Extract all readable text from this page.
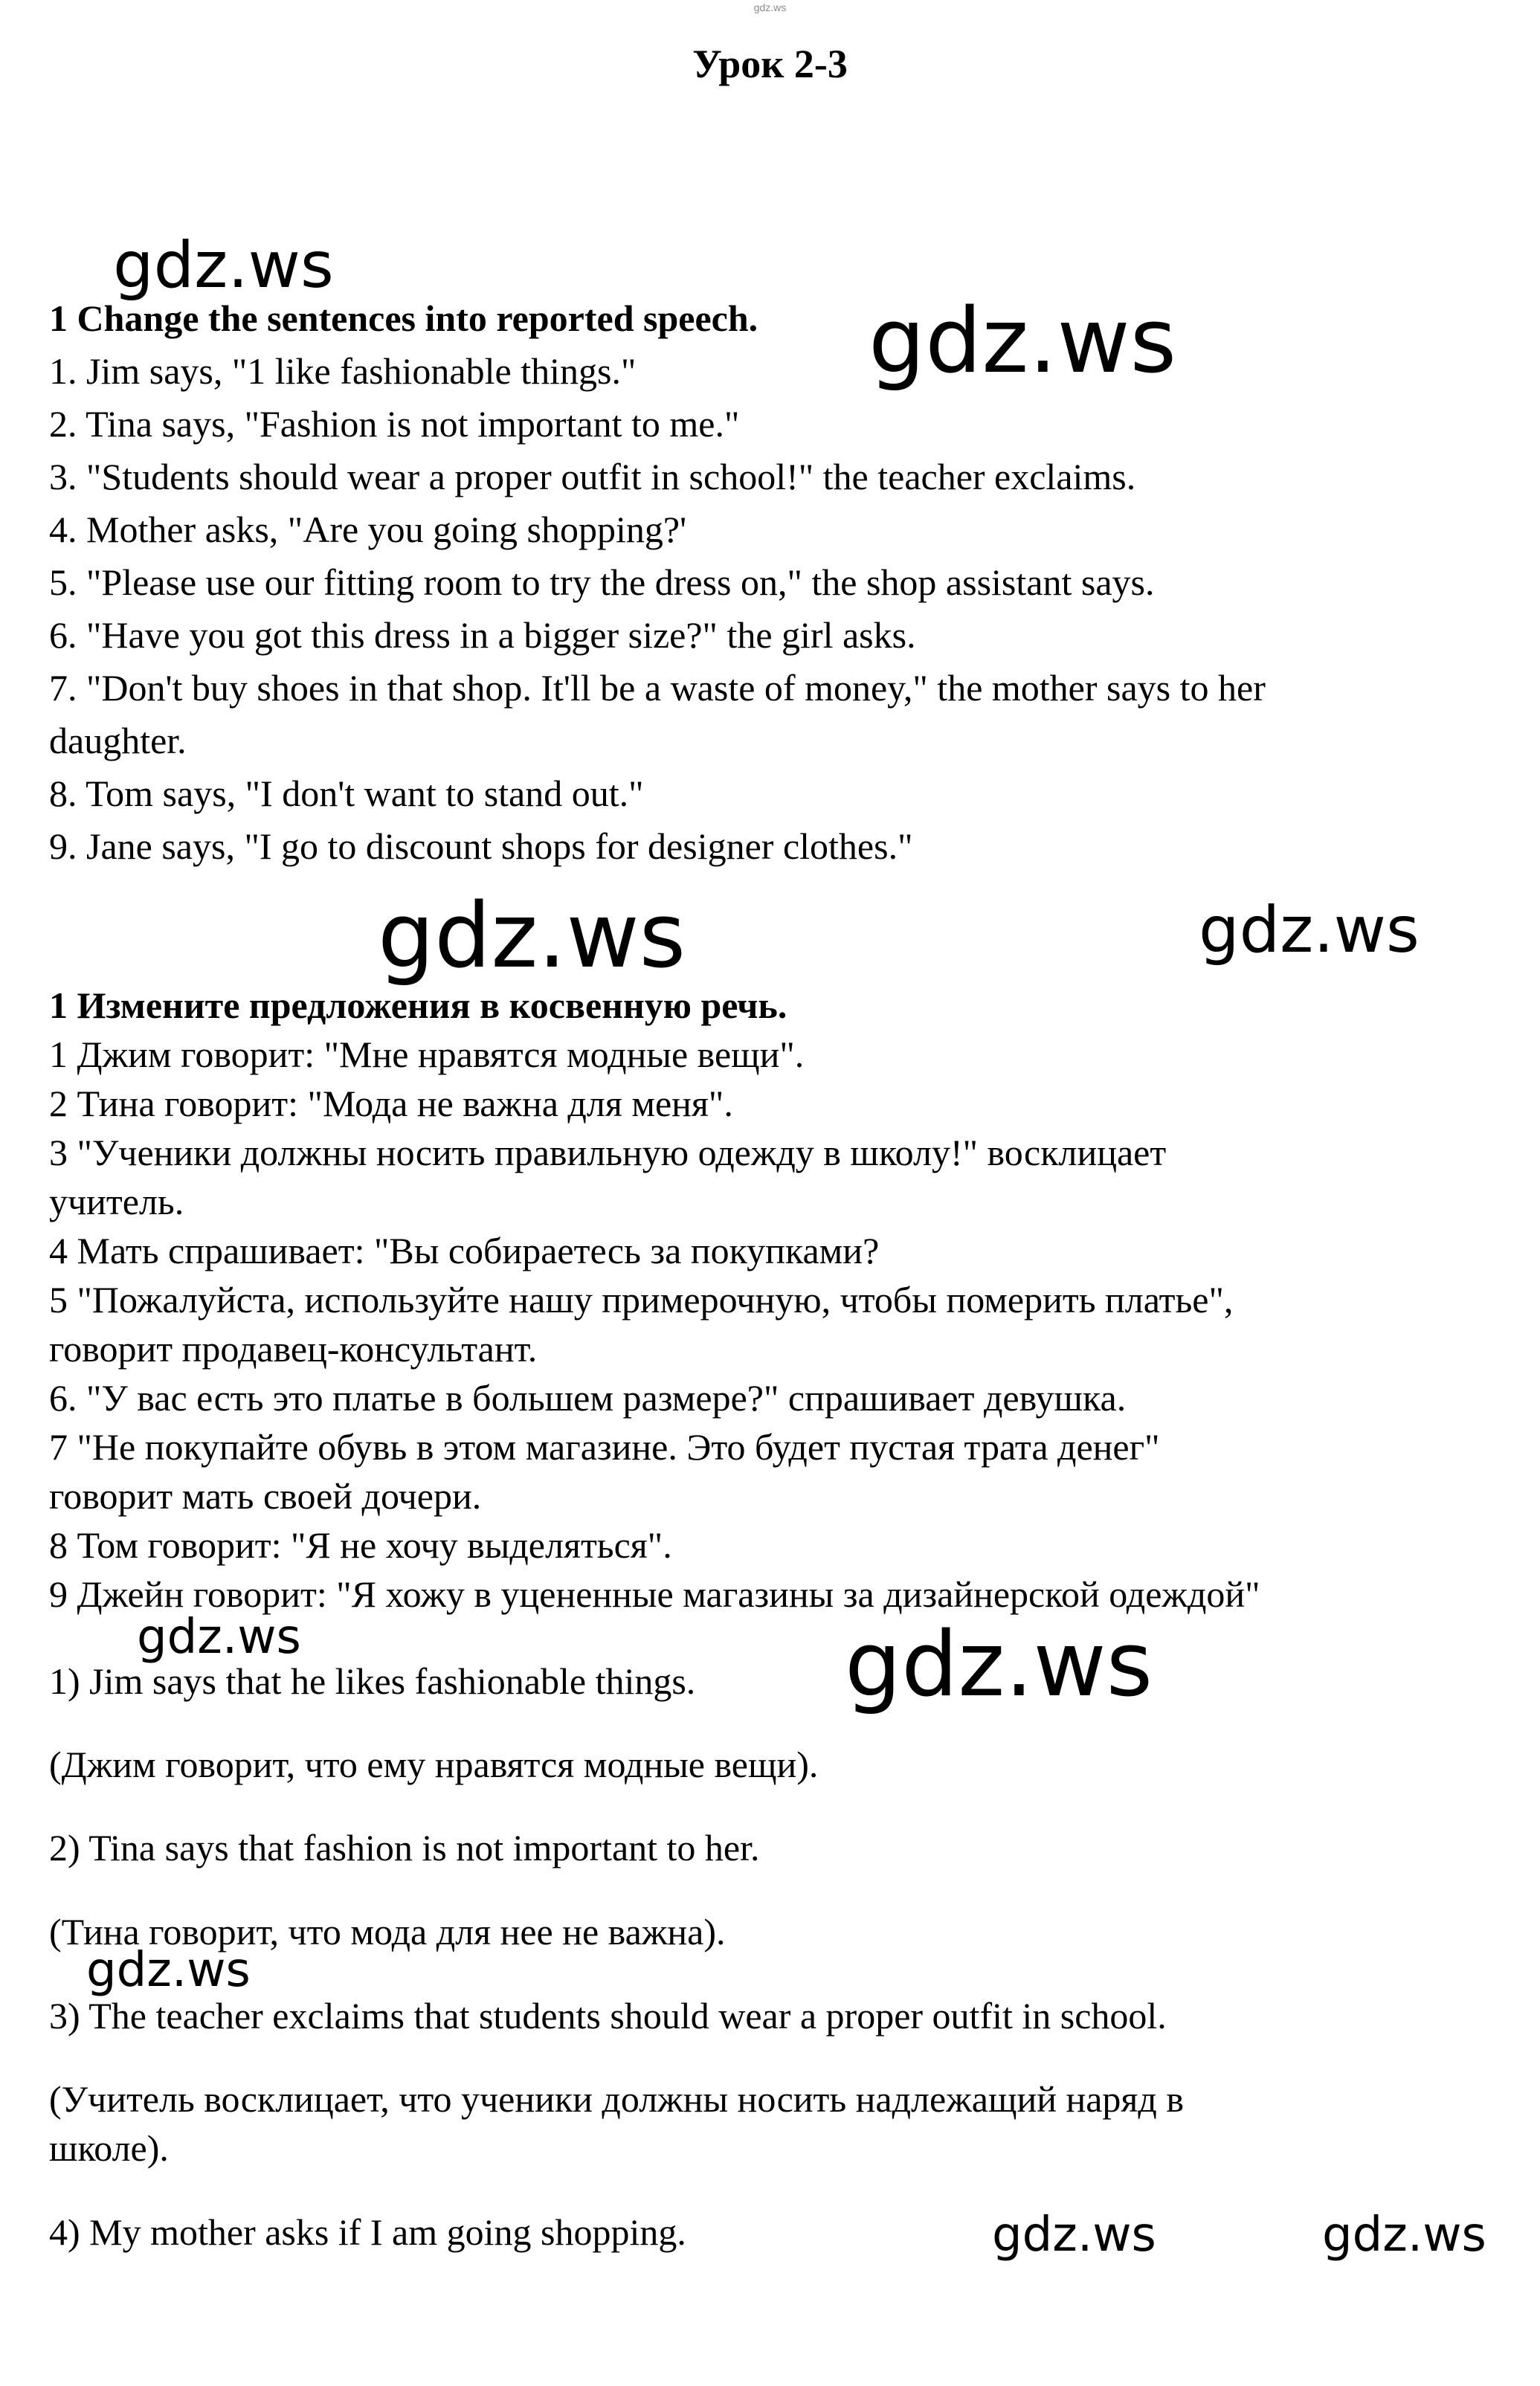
gdz.ws
Урок 2-3
1 Change the sentences into reported speech.
1. Jim says, "1 like fashionable things."
2. Tina says, "Fashion is not important to me."
3. "Students should wear a proper outfit in school!" the teacher exclaims.
4. Mother asks, "Are you going shopping?'
5. "Please use our fitting room to try the dress on," the shop assistant says.
6. "Have you got this dress in a bigger size?" the girl asks.
7. "Don't buy shoes in that shop. It'll be a waste of money," the mother says to her
daughter.
8. Tom says, "I don't want to stand out."
9. Jane says, "I go to discount shops for designer clothes."
1 Измените предложения в косвенную речь.
1 Джим говорит: "Мне нравятся модные вещи".
2 Тина говорит: "Мода не важна для меня".
3 "Ученики должны носить правильную одежду в школу!" восклицает
учитель.
4 Мать спрашивает: "Вы собираетесь за покупками?
5 "Пожалуйста, используйте нашу примерочную, чтобы померить платье",
говорит продавец-консультант.
6. "У вас есть это платье в большем размере?" спрашивает девушка.
7 "Не покупайте обувь в этом магазине. Это будет пустая трата денег"
говорит мать своей дочери.
8 Том говорит: "Я не хочу выделяться".
9 Джейн говорит: "Я хожу в уцененные магазины за дизайнерской одеждой"
1) Jim says that he likes fashionable things.
(Джим говорит, что ему нравятся модные вещи).
2) Tina says that fashion is not important to her.
(Тина говорит, что мода для нее не важна).
3) The teacher exclaims that students should wear a proper outfit in school.
(Учитель восклицает, что ученики должны носить надлежащий наряд в
школе).
4) My mother asks if I am going shopping.
gdz.ws
gdz.ws
gdz.ws	gdz.ws
gdz.ws	gdz.ws
gdz.ws
gdz.ws	gdz.ws
